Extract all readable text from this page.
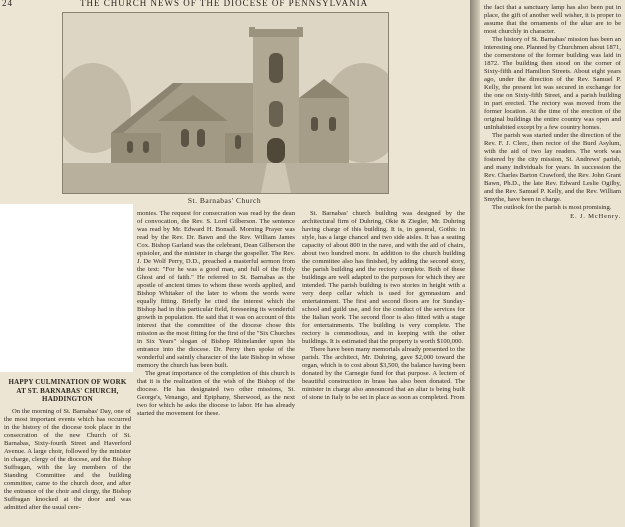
24	THE CHURCH NEWS OF THE DIOCESE OF PENNSYLVANIA
St. Barnabas' Church
HAPPY CULMINATION OF WORK AT ST. BARNABAS' CHURCH, HADDINGTON

On the morning of St. Barnabas' Day, one of the most important events which has occurred in the history of the diocese took place in the consecration of the new Church of St. Barnabas, Sixty-fourth Street and Haverford Avenue. A large choir, followed by the minister in charge, clergy of the diocese, and the Bishop Suffragan, with the lay members of the Standing Committee and the building committee, came to the church door, and after the entrance of the choir and clergy, the Bishop Suffragan knocked at the door and was admitted after the usual cere-

monies. The request for consecration was read by the dean of convocation, the Rev. S. Lord Gilberson. The sentence was read by Mr. Edward H. Bonsall. Morning Prayer was read by the Rev. Dr. Bawn and the Rev. William James Cox. Bishop Garland was the celebrant, Dean Gilberson the epistoler, and the minister in charge the gospeller. The Rev. J. De Wolf Perry, D.D., preached a masterful sermon from the text: "For he was a good man, and full of the Holy Ghost and of faith." He referred to St. Barnabas as the apostle of ancient times to whom these words applied, and Bishop Whitaker of the later to whom the words were equally fitting. Briefly he cited the interest which the Bishop had in this particular field, foreseeing its wonderful growth in population. He said that it was on account of this interest that the committee of the diocese chose this mission as the most fitting for the first of the "Six Churches in Six Years" slogan of Bishop Rhinelander upon his entrance into the diocese. Dr. Perry then spoke of the wonderful and saintly character of the late Bishop in whose memory the church has been built.

The great importance of the completion of this church is that it is the realization of the wish of the Bishop of the diocese. He has designated two other missions, St. George's, Venango, and Epiphany, Sherwood, as the next two for which he asks the diocese to labor. He has already started the movement for these.

St. Barnabas' church building was designed by the architectural firm of Duhring, Okie & Ziegler, Mr. Duhring having charge of this building. It is, in general, Gothic in style, has a large chancel and two side aisles. It has a seating capacity of about 800 in the nave, and with the aid of chairs, about two hundred more. In addition to the church building the committee also has finished, by adding the second story, the parish building and the rectory complete. Both of these buildings are well adapted to the purposes for which they are intended. The parish building is two stories in height with a very deep cellar which is used for gymnasium and entertainment. The first and second floors are for Sunday-school and guild use, and for the conduct of the services for the Italian work. The second floor is also fitted with a stage for entertainments. The building is very complete. The rectory is commodious, and in keeping with the other buildings. It is estimated that the property is worth $100,000.

There have been many memorials already presented to the parish. The architect, Mr. Duhring, gave $2,000 toward the organ, which is to cost about $3,500, the balance having been donated by the Carnegie fund for that purpose. A lectern of beautiful construction in brass has also been donated. The minister in charge also announced that an altar is being built of stone in Italy to be set in place as soon as completed. From

the fact that a sanctuary lamp has also been put in place, the gift of another well wisher, it is proper to assume that the ornaments of the altar are to be most churchly in character.

The history of St. Barnabas' mission has been an interesting one. Planned by Churchmen about 1871, the cornerstone of the former building was laid in 1872. The building then stood on the corner of Sixty-fifth and Hamilton Streets. About eight years ago, under the direction of the Rev. Samuel P. Kelly, the present lot was secured in exchange for the one on Sixty-fifth Street, and a parish building in part erected. The rectory was moved from the former location. At the time of the erection of the original buildings the entire country was open and unInhabited except by a few country homes.

The parish was started under the direction of the Rev. F. J. Clerc, then rector of the Burd Asylum, with the aid of two lay readers. The work was fostered by the city mission, St. Andrews' parish, and many individuals for years. In succession the Rev. Charles Barton Crawford, the Rev. John Grant Bawn, Ph.D., the late Rev. Edward Leslie Ogilby, and the Rev. Samuel P. Kelly, and the Rev. William Smythe, have been in charge.

The outlook for the parish is most promising.

E. J. McHenry.
